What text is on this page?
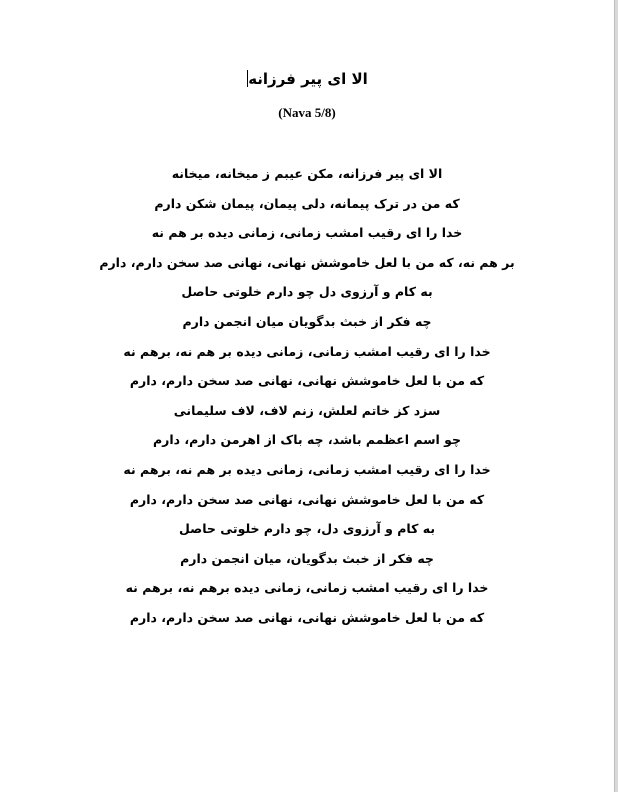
الا ای پیر فرزانه
(Nava 5/8)
الا ای پیر فرزانه، مکن عیبم ز میخانه، میخانه
که من در ترک پیمانه، دلی پیمان، پیمان شکن دارم
خدا را ای رقیب امشب زمانی، زمانی دیده بر هم نه
بر هم نه، که من با لعل خاموشش نهانی، نهانی صد سخن دارم، دارم
به کام و آرزوی دل چو دارم خلوتی حاصل
چه فکر از خبث بدگویان میان انجمن دارم
خدا را ای رقیب امشب زمانی، زمانی دیده بر هم نه، برهم نه
که من با لعل خاموشش نهانی، نهانی صد سخن دارم، دارم
سزد کز خاتم لعلش، زنم لاف، لاف سلیمانی
چو اسم اعظمم باشد، چه باک از اهرمن دارم، دارم
خدا را ای رقیب امشب زمانی، زمانی دیده بر هم نه، برهم نه
که من با لعل خاموشش نهانی، نهانی صد سخن دارم، دارم
به کام و آرزوی دل، چو دارم خلوتی حاصل
چه فکر از خبث بدگویان، میان انجمن دارم
خدا را ای رقیب امشب زمانی، زمانی دیده برهم نه، برهم نه
که من با لعل خاموشش نهانی، نهانی صد سخن دارم، دارم
